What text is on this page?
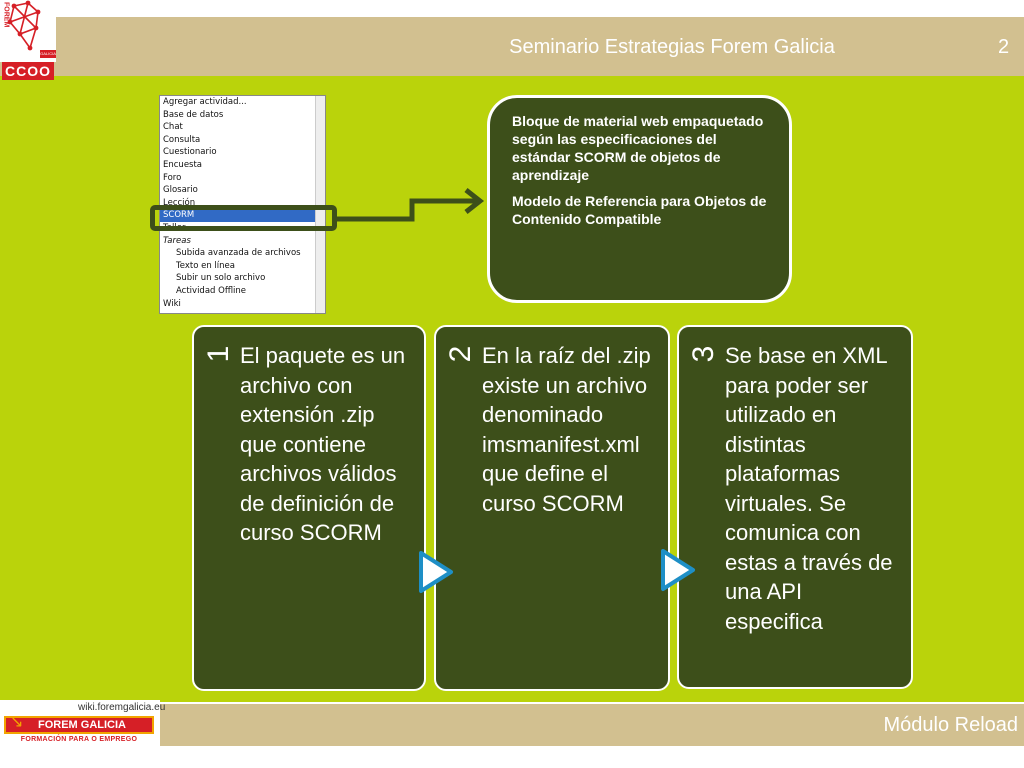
Seminario Estrategias Forem Galicia	2
FOREM
GALICIA
CCOO
wiki.foremgalicia.eu
FOREM GALICIA
↘
FORMACIÓN PARA O EMPREGO
Módulo Reload
Agregar actividad...
Base de datos
Chat
Consulta
Cuestionario
Encuesta
Foro
Glosario
Lección
SCORM
Taller
Tareas
Subida avanzada de archivos
Texto en línea
Subir un solo archivo
Actividad Offline
Wiki

Bloque de material web empaquetado según las especificaciones del estándar SCORM de objetos de aprendizaje

Modelo de Referencia para Objetos de Contenido Compatible

1 El paquete es un archivo con extensión .zip que contiene archivos válidos de definición de curso SCORM
2 En la raíz del .zip existe un archivo denominado imsmanifest.xml que define el curso SCORM
3 Se base en XML para poder ser utilizado en distintas plataformas virtuales. Se comunica con estas a través de una API especifica
